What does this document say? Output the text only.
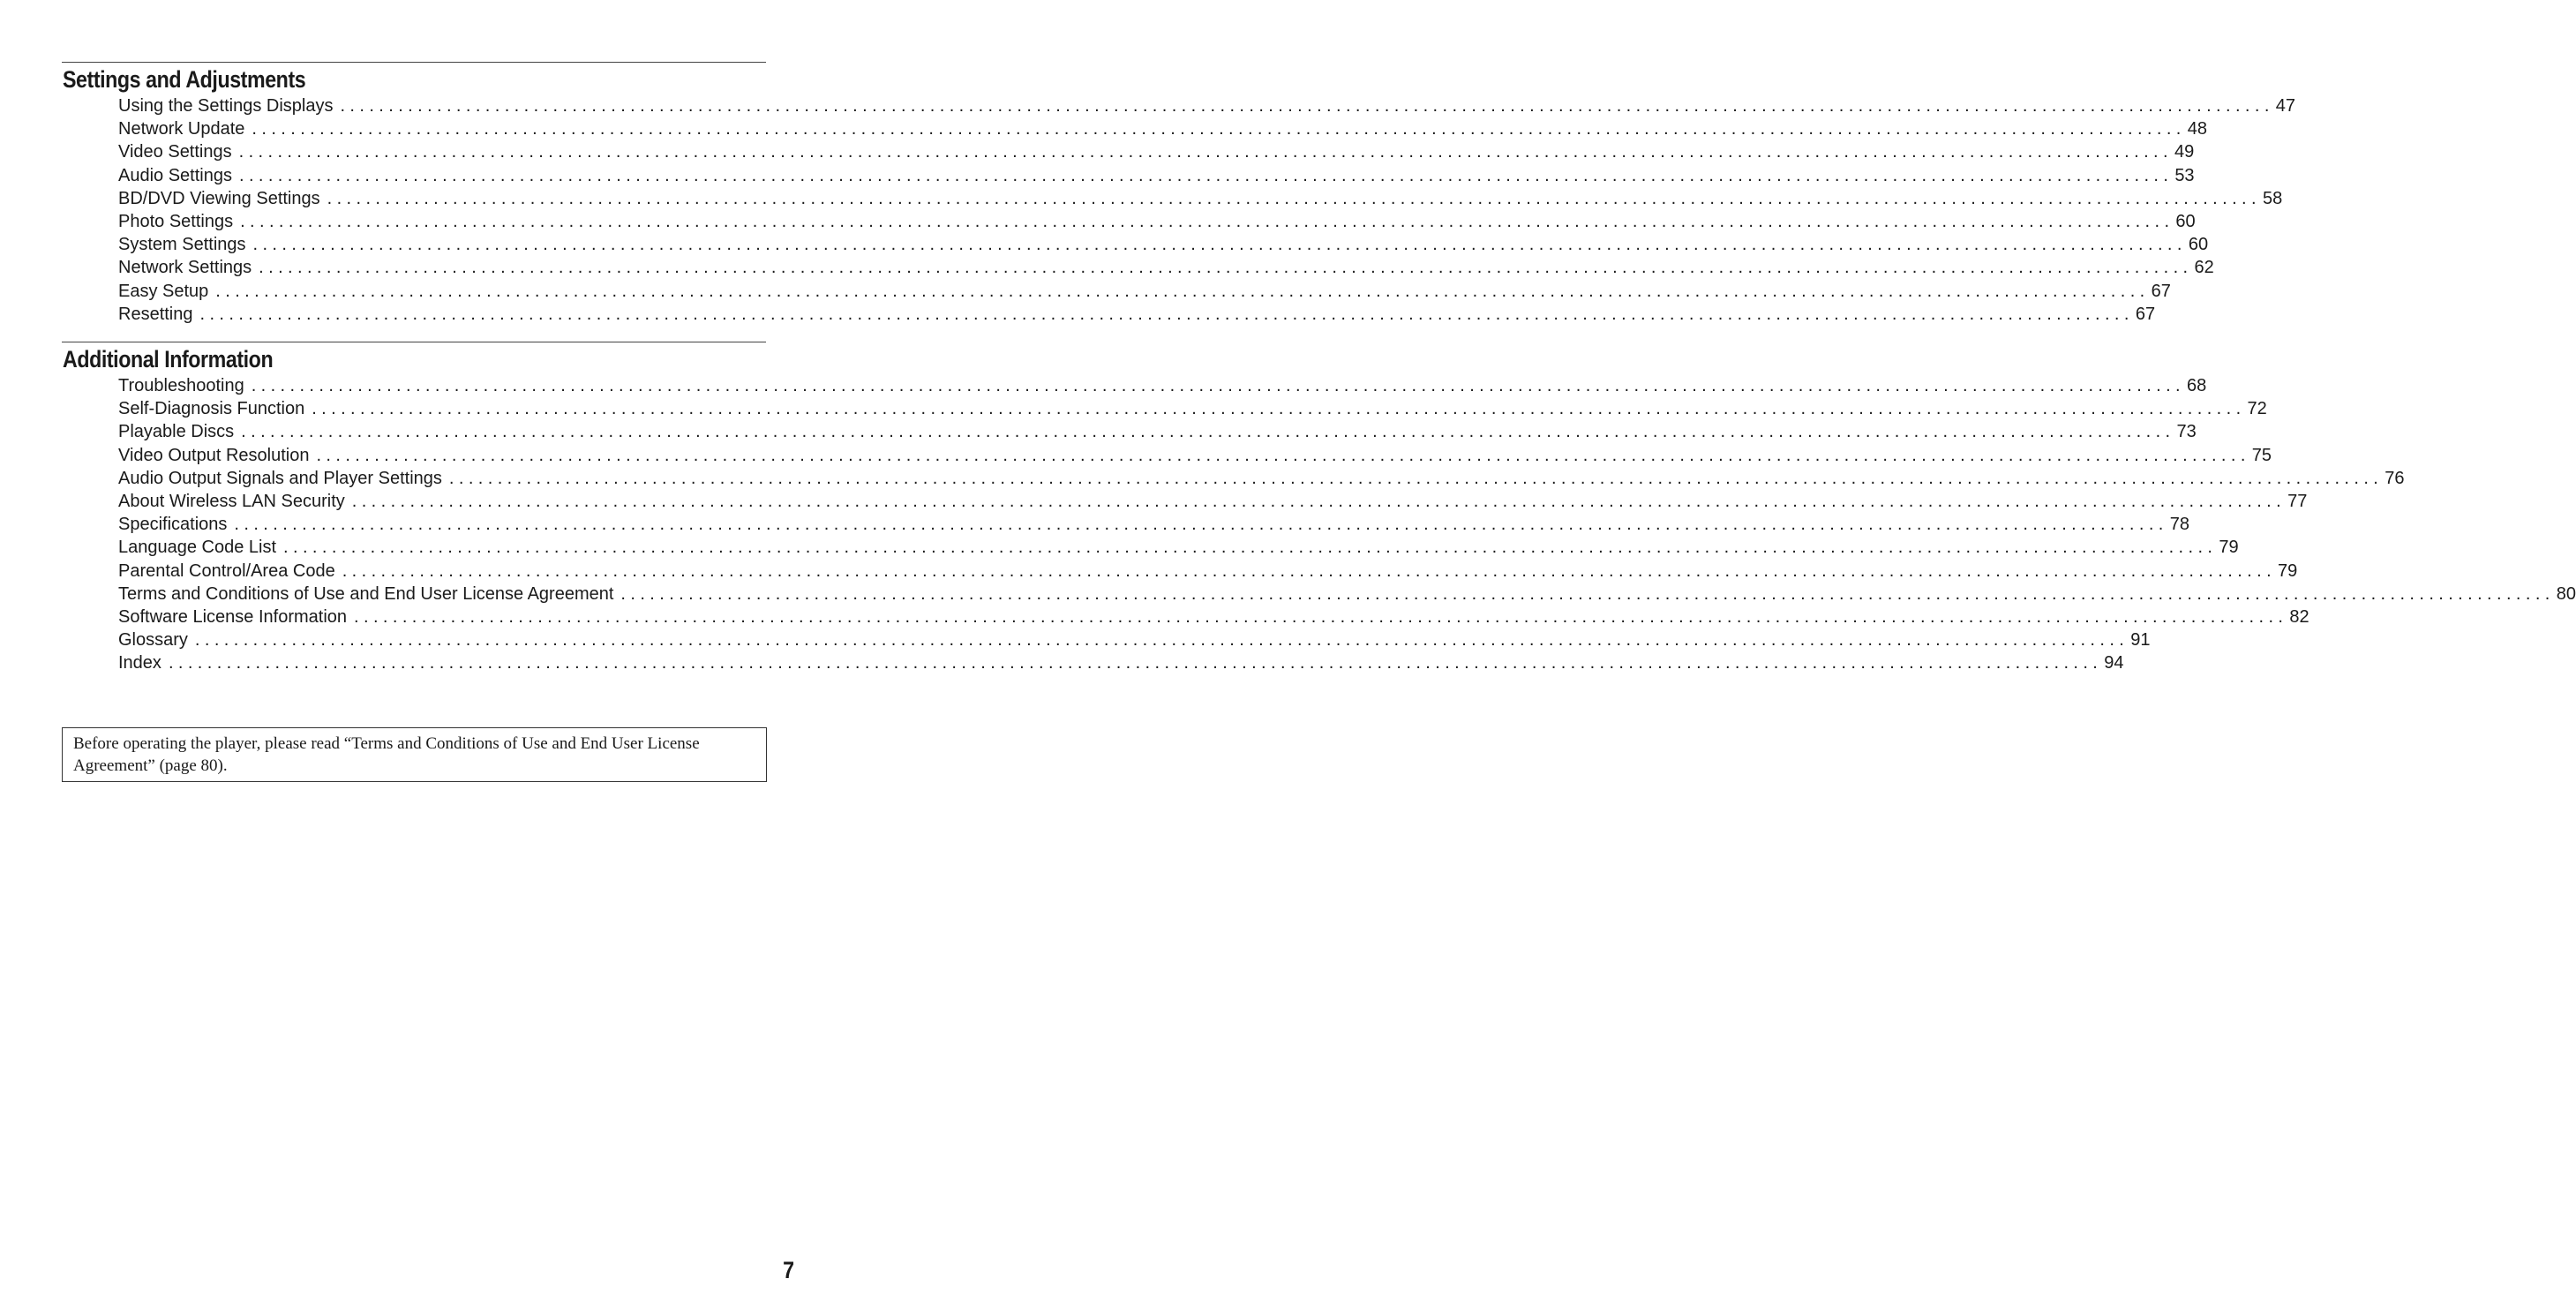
Settings and Adjustments
Using the Settings Displays ........................................................................................................................................................................................................ 47
Network Update ........................................................................................................................................................................................................ 48
Video Settings ........................................................................................................................................................................................................ 49
Audio Settings ........................................................................................................................................................................................................ 53
BD/DVD Viewing Settings ........................................................................................................................................................................................................ 58
Photo Settings ........................................................................................................................................................................................................ 60
System Settings ........................................................................................................................................................................................................ 60
Network Settings ........................................................................................................................................................................................................ 62
Easy Setup ........................................................................................................................................................................................................ 67
Resetting ........................................................................................................................................................................................................ 67
Additional Information
Troubleshooting ........................................................................................................................................................................................................ 68
Self-Diagnosis Function ........................................................................................................................................................................................................ 72
Playable Discs ........................................................................................................................................................................................................ 73
Video Output Resolution ........................................................................................................................................................................................................ 75
Audio Output Signals and Player Settings ........................................................................................................................................................................................................ 76
About Wireless LAN Security ........................................................................................................................................................................................................ 77
Specifications ........................................................................................................................................................................................................ 78
Language Code List ........................................................................................................................................................................................................ 79
Parental Control/Area Code ........................................................................................................................................................................................................ 79
Terms and Conditions of Use and End User License Agreement ........................................................................................................................................................................................................ 80
Software License Information ........................................................................................................................................................................................................ 82
Glossary ........................................................................................................................................................................................................ 91
Index ........................................................................................................................................................................................................ 94
Before operating the player, please read “Terms and Conditions of Use and End User License Agreement” (page 80).
7
